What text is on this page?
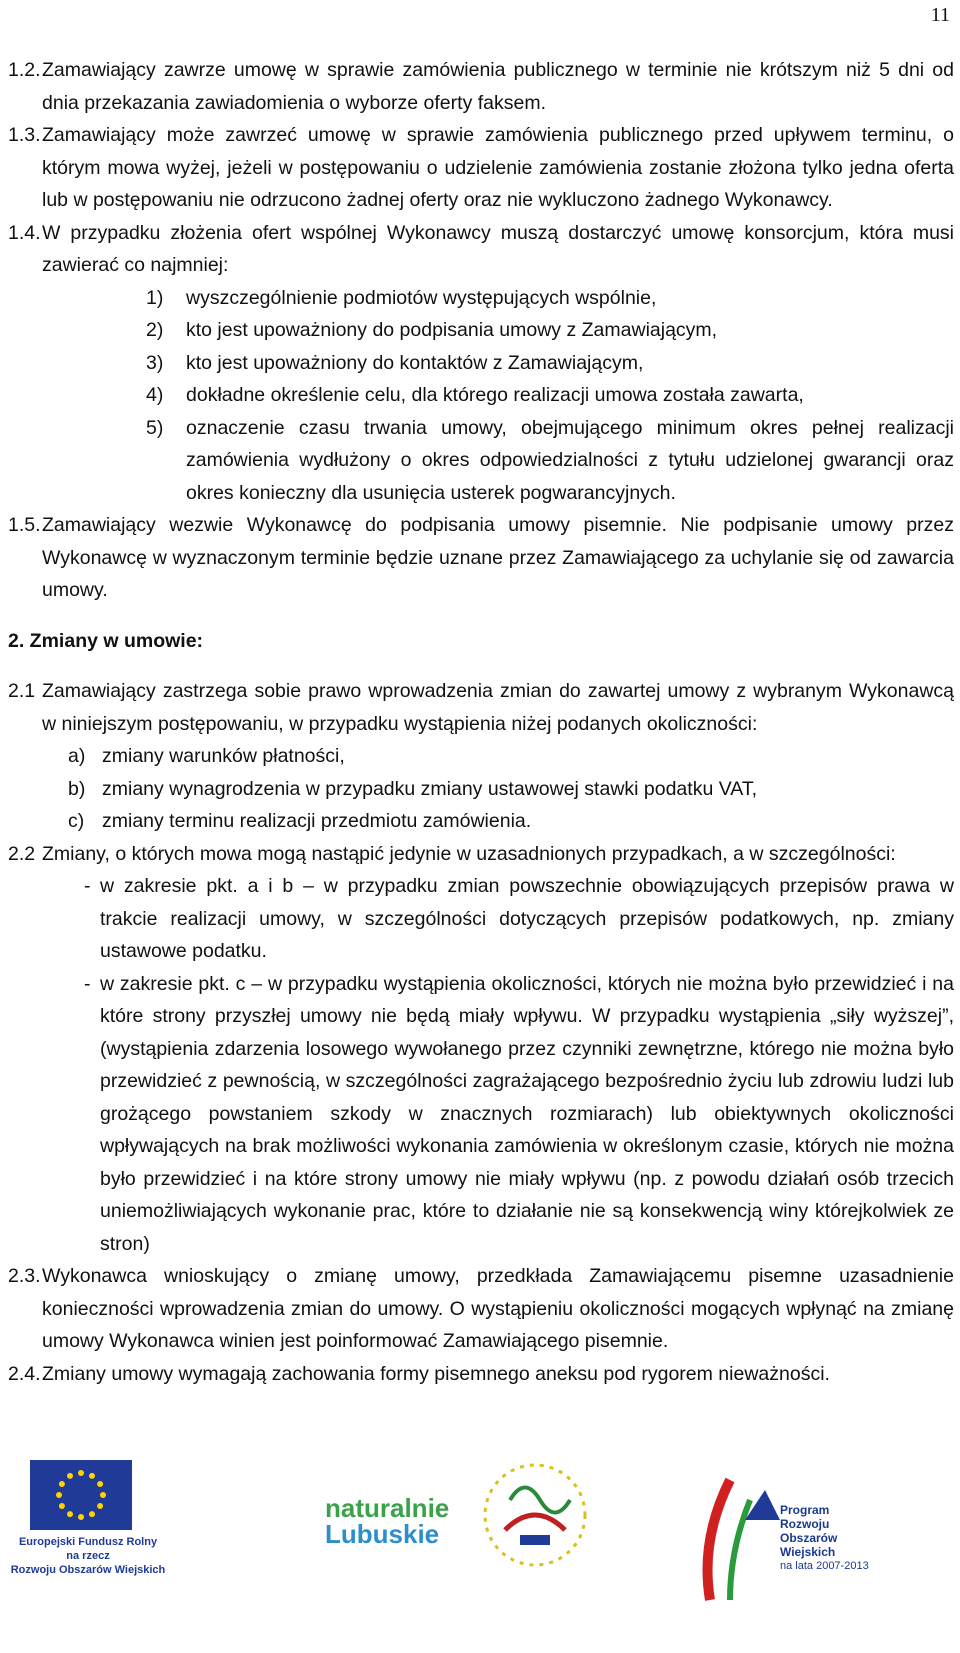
11
1.2. Zamawiający zawrze umowę w sprawie zamówienia publicznego w terminie nie krótszym niż 5 dni od dnia przekazania zawiadomienia o wyborze oferty faksem.
1.3. Zamawiający może zawrzeć umowę w sprawie zamówienia publicznego przed upływem terminu, o którym mowa wyżej, jeżeli w postępowaniu o udzielenie zamówienia zostanie złożona tylko jedna oferta lub w postępowaniu nie odrzucono żadnej oferty oraz nie wykluczono żadnego Wykonawcy.
1.4. W przypadku złożenia ofert wspólnej Wykonawcy muszą dostarczyć umowę konsorcjum, która musi zawierać co najmniej:
1)	wyszczególnienie podmiotów występujących wspólnie,
2)	kto jest upoważniony do podpisania umowy z Zamawiającym,
3)	kto jest upoważniony do kontaktów z Zamawiającym,
4)	dokładne określenie celu, dla którego realizacji umowa została zawarta,
5)	oznaczenie czasu trwania umowy, obejmującego minimum okres pełnej realizacji zamówienia wydłużony o okres odpowiedzialności z tytułu udzielonej gwarancji oraz okres konieczny dla usunięcia usterek pogwarancyjnych.
1.5. Zamawiający wezwie Wykonawcę do podpisania umowy pisemnie. Nie podpisanie umowy przez Wykonawcę w wyznaczonym terminie będzie uznane przez Zamawiającego za uchylanie się od zawarcia umowy.
2. Zmiany w umowie:
2.1 Zamawiający zastrzega sobie prawo wprowadzenia zmian do zawartej umowy z wybranym Wykonawcą w niniejszym postępowaniu, w przypadku wystąpienia niżej podanych okoliczności:
a) zmiany warunków płatności,
b) zmiany wynagrodzenia w przypadku zmiany ustawowej stawki podatku VAT,
c) zmiany terminu realizacji przedmiotu zamówienia.
2.2 Zmiany, o których mowa mogą nastąpić jedynie w uzasadnionych przypadkach, a w szczególności:
- w zakresie pkt. a i b – w przypadku zmian powszechnie obowiązujących przepisów prawa w trakcie realizacji umowy, w szczególności dotyczących przepisów podatkowych, np. zmiany ustawowe podatku.
- w zakresie pkt. c – w przypadku wystąpienia okoliczności, których nie można było przewidzieć i na które strony przyszłej umowy nie będą miały wpływu. W przypadku wystąpienia „siły wyższej”, (wystąpienia zdarzenia losowego wywołanego przez czynniki zewnętrzne, którego nie można było przewidzieć z pewnością, w szczególności zagrażającego bezpośrednio życiu lub zdrowiu ludzi lub grożącego powstaniem szkody w znacznych rozmiarach) lub obiektywnych okoliczności wpływających na brak możliwości wykonania zamówienia w określonym czasie, których nie można było przewidzieć i na które strony umowy nie miały wpływu (np. z powodu działań osób trzecich uniemożliwiających wykonanie prac, które to działanie nie są konsekwencją winy którejkolwiek ze stron)
2.3. Wykonawca wnioskujący o zmianę umowy, przedkłada Zamawiającemu pisemne uzasadnienie konieczności wprowadzenia zmian do umowy. O wystąpieniu okoliczności mogących wpłynąć na zmianę umowy Wykonawca winien jest poinformować Zamawiającego pisemnie.
2.4. Zmiany umowy wymagają zachowania formy pisemnego aneksu pod rygorem nieważności.
Europejski Fundusz Rolny
na rzecz
Rozwoju Obszarów Wiejskich
naturalnie
Lubuskie
Program
Rozwoju
Obszarów
Wiejskich
na lata 2007-2013
